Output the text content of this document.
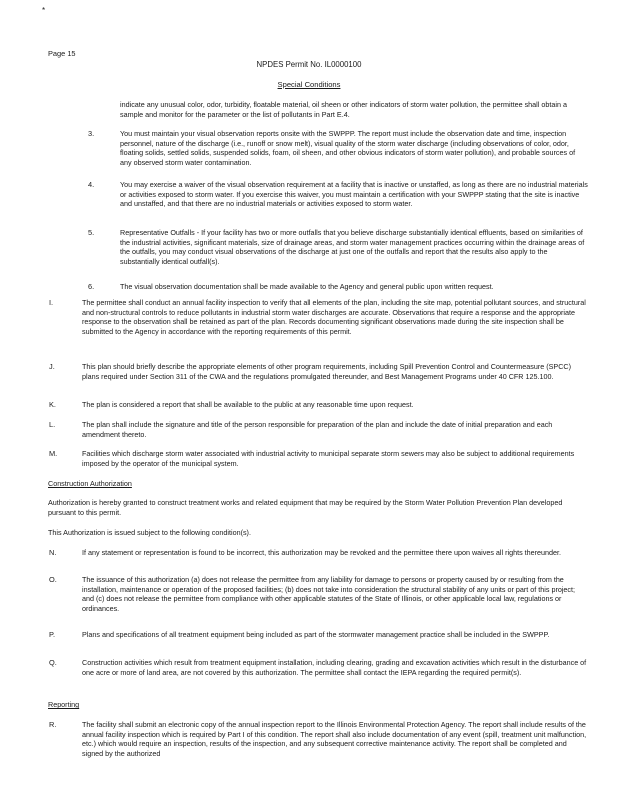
*
Page 15
NPDES Permit No. IL0000100
Special Conditions
indicate any unusual color, odor, turbidity, floatable material, oil sheen or other indicators of storm water pollution, the permittee shall obtain a sample and monitor for the parameter or the list of pollutants in Part E.4.
3.	You must maintain your visual observation reports onsite with the SWPPP. The report must include the observation date and time, inspection personnel, nature of the discharge (i.e., runoff or snow melt), visual quality of the storm water discharge (including observations of color, odor, floating solids, settled solids, suspended solids, foam, oil sheen, and other obvious indicators of storm water pollution), and probable sources of any observed storm water contamination.
4.	You may exercise a waiver of the visual observation requirement at a facility that is inactive or unstaffed, as long as there are no industrial materials or activities exposed to storm water. If you exercise this waiver, you must maintain a certification with your SWPPP stating that the site is inactive and unstaffed, and that there are no industrial materials or activities exposed to storm water.
5.	Representative Outfalls - If your facility has two or more outfalls that you believe discharge substantially identical effluents, based on similarities of the industrial activities, significant materials, size of drainage areas, and storm water management practices occurring within the drainage areas of the outfalls, you may conduct visual observations of the discharge at just one of the outfalls and report that the results also apply to the substantially identical outfall(s).
6.	The visual observation documentation shall be made available to the Agency and general public upon written request.
I.	The permittee shall conduct an annual facility inspection to verify that all elements of the plan, including the site map, potential pollutant sources, and structural and non-structural controls to reduce pollutants in industrial storm water discharges are accurate. Observations that require a response and the appropriate response to the observation shall be retained as part of the plan. Records documenting significant observations made during the site inspection shall be submitted to the Agency in accordance with the reporting requirements of this permit.
J.	This plan should briefly describe the appropriate elements of other program requirements, including Spill Prevention Control and Countermeasure (SPCC) plans required under Section 311 of the CWA and the regulations promulgated thereunder, and Best Management Programs under 40 CFR 125.100.
K.	The plan is considered a report that shall be available to the public at any reasonable time upon request.
L.	The plan shall include the signature and title of the person responsible for preparation of the plan and include the date of initial preparation and each amendment thereto.
M.	Facilities which discharge storm water associated with industrial activity to municipal separate storm sewers may also be subject to additional requirements imposed by the operator of the municipal system.
Construction Authorization
Authorization is hereby granted to construct treatment works and related equipment that may be required by the Storm Water Pollution Prevention Plan developed pursuant to this permit.
This Authorization is issued subject to the following condition(s).
N.	If any statement or representation is found to be incorrect, this authorization may be revoked and the permittee there upon waives all rights thereunder.
O.	The issuance of this authorization (a) does not release the permittee from any liability for damage to persons or property caused by or resulting from the installation, maintenance or operation of the proposed facilities; (b) does not take into consideration the structural stability of any units or part of this project; and (c) does not release the permittee from compliance with other applicable statutes of the State of Illinois, or other applicable local law, regulations or ordinances.
P.	Plans and specifications of all treatment equipment being included as part of the stormwater management practice shall be included in the SWPPP.
Q.	Construction activities which result from treatment equipment installation, including clearing, grading and excavation activities which result in the disturbance of one acre or more of land area, are not covered by this authorization. The permittee shall contact the IEPA regarding the required permit(s).
Reporting
R.	The facility shall submit an electronic copy of the annual inspection report to the Illinois Environmental Protection Agency. The report shall include results of the annual facility inspection which is required by Part I of this condition. The report shall also include documentation of any event (spill, treatment unit malfunction, etc.) which would require an inspection, results of the inspection, and any subsequent corrective maintenance activity. The report shall be completed and signed by the authorized
